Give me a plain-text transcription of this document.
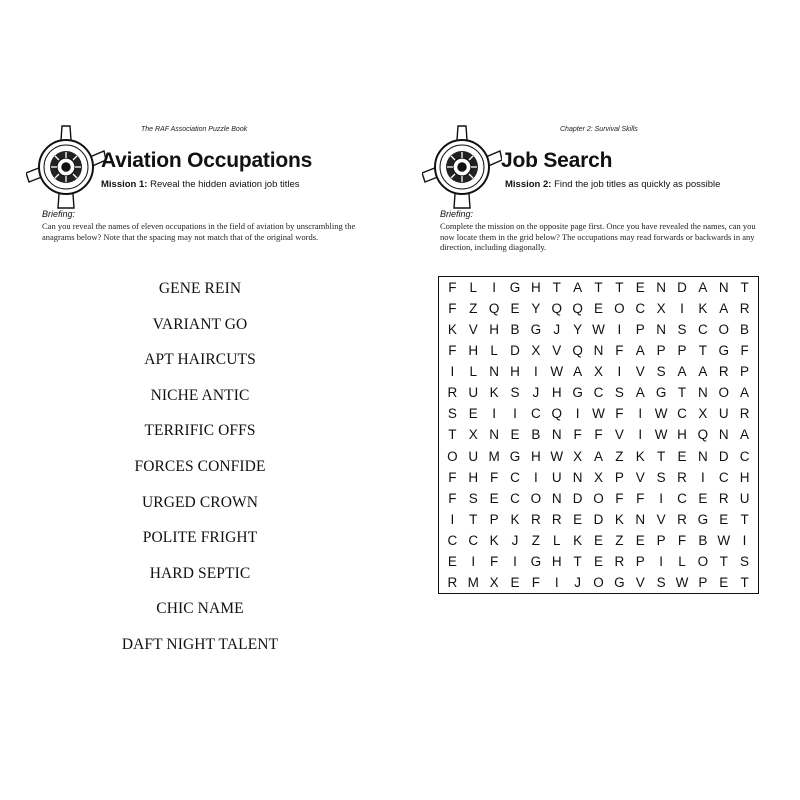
The RAF Association Puzzle Book
Aviation Occupations
Mission 1: Reveal the hidden aviation job titles
Briefing:
Can you reveal the names of eleven occupations in the field of aviation by unscrambling the anagrams below? Note that the spacing may not match that of the original words.
GENE REIN
VARIANT GO
APT HAIRCUTS
NICHE ANTIC
TERRIFIC OFFS
FORCES CONFIDE
URGED CROWN
POLITE FRIGHT
HARD SEPTIC
CHIC NAME
DAFT NIGHT TALENT
Chapter 2: Survival Skills
Job Search
Mission 2: Find the job titles as quickly as possible
Briefing:
Complete the mission on the opposite page first. Once you have revealed the names, can you now locate them in the grid below? The occupations may read forwards or backwards in any direction, including diagonally.
F L	I	G H T A T T E N D A N T
F Z Q E Y Q Q E O C X	I	K A R
K V H B G J Y W I	P N S C O B
F H L D X V Q N F A P P T G F
I	L N H	I W A X	I	V S A A R P
R U K S J H G C S A G T N O A
S E	I	I	C Q	I W F	I W C X U R
T X N E B N F F V	I W H Q N A
O U M G H W X A Z K T E N D C
F H F C	I	U N X P V S R	I	C H
F S E C O N D O F F	I	C E R U
I	T P K R R E D K N V R G E T
C C K J Z L K E Z E P F B W I
E	I	F	I	G H T E R P	I	L O T S
R M X E F	I	J O G V S W P E T
